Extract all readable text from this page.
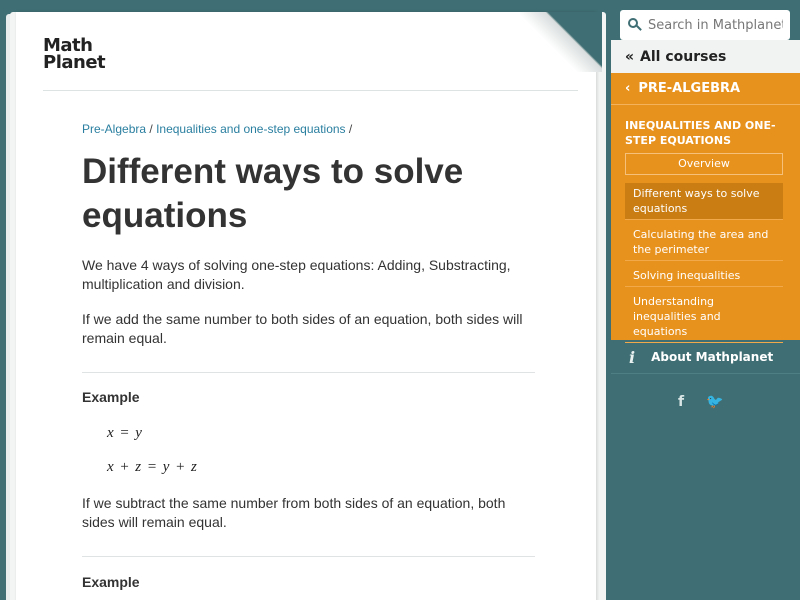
Math
Planet
Pre-Algebra / Inequalities and one-step equations /
Different ways to solve equations

We have 4 ways of solving one-step equations: Adding, Substracting, multiplication and division.

If we add the same number to both sides of an equation, both sides will remain equal.

Example
x = y
x + z = y + z

If we subtract the same number from both sides of an equation, both sides will remain equal.

Example
Search in Mathplanet
« All courses
‹ PRE-ALGEBRA
INEQUALITIES AND ONE-STEP EQUATIONS
Overview
Different ways to solve equations
Calculating the area and the perimeter
Solving inequalities
Understanding inequalities and equations
i About Mathplanet
f 🐦
